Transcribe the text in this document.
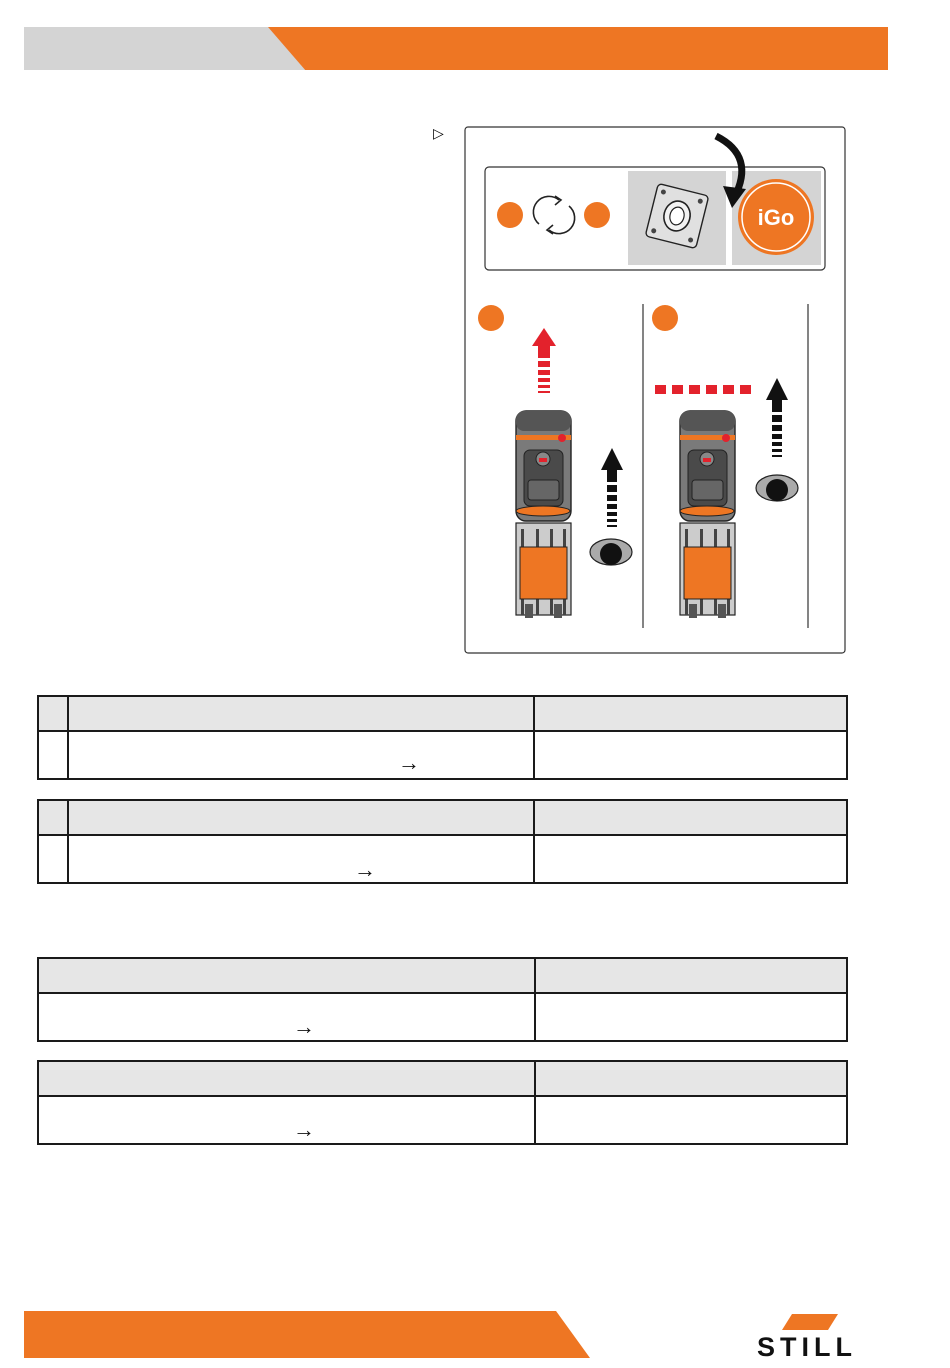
▷
iGo

	→	

	→	

→	

→	

STILL
